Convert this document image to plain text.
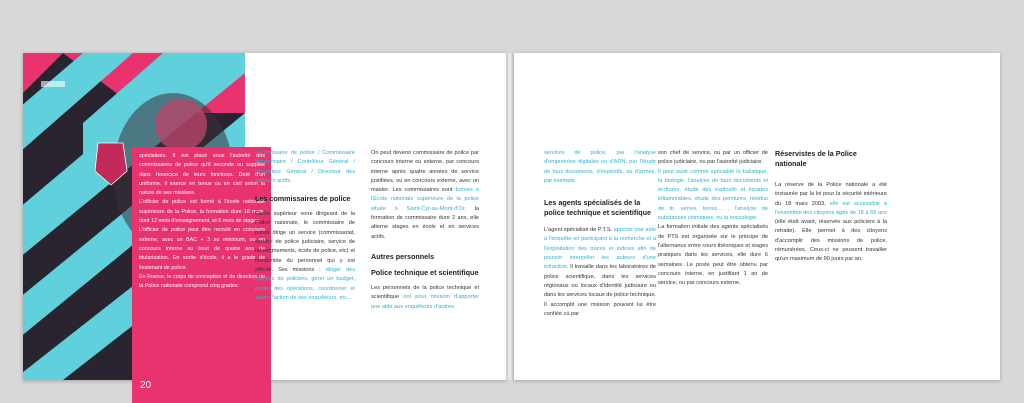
spécialisés. Il est placé sous l'autorité des commissaires de police qu'il seconde ou supplée dans l'exercice de leurs fonctions. Doté d'un uniforme, il exerce en tenue ou en civil selon la nature de ses missions.

L'officier de police est formé à l'école nationale supérieure de la Police, la formation dure 18 mois, dont 12 mois d'enseignement, et 6 mois de stages.

L'officier de police peut être recruté en concours externe, avec un BAC + 3 au minimum, ou en concours interne au bout de quatre ans de titularisation. En sortie d'école, il a le grade de lieutenant de police.

En France, le corps de conception et de direction de la Police nationale comprend cinq grades :

20

Commissaire de police / Commissaire divisionnaire / Contrôleur Général / Inspecteur Général / Directeur des services actifs.

Les commissaires de police

Cadre supérieur voire dirigeant de la Police nationale, le commissaire de police dirige un service (commissariat, service de police judiciaire, service de renseignements, école de police, etc) et l'ensemble du personnel qui y est affecté. Ses missions : diriger des équipes de policiers, gérer un budget, piloter des opérations, coordonner et suivre l'action de ses enquêteurs, etc...

On peut devenir commissaire de police par concours interne ou externe, par concours interne après quatre années de service justifiées, ou en concours externe, avec un master. Les commissaires sont formés à l'École nationale supérieure de la police située à Saint-Cyr-au-Mont-d'Or, la formation de commissaire dure 2 ans, elle alterne stages en école et en services actifs.

Autres personnels

Police technique et scientifique

Les personnels de la police technique et scientifique ont pour mission d'apporter une aide aux enquêteurs d'autres

services de police, par l'analyse d'empreintes digitales ou d'ADN, par l'étude de faux documents, d'explosifs, ou d'armes, par exemple.

Les agents spécialisés de la police technique et scientifique

L'agent spécialisé de P.T.S. apporte une aide à l'enquête en participant à la recherche et à l'exploitation des traces et indices afin de pouvoir interpeller les auteurs d'une infraction. Il travaille dans les laboratoires de police scientifique, dans les services régionaux ou locaux d'identité judiciaire ou dans les services locaux de police technique. Il accomplit une mission pouvant lui être confiée cù par

son chef de service, ou par un officier de police judiciaire, ou par l'autorité judiciaire.

Il peut avoir comme spécialité la balistique, la biologie, l'analyse de faux documents et écritures, étude des explosifs et liquides inflammables, étude des peintures, résidus de tir, verres, terres… , l'analyse de substances chimiques, ou la toxicologie.

La formation initiale des agents spécialisés de PTS est organisée sur le principe de l'alternance entre cours théoriques et stages pratiques dans les services, elle dure 6 semaines. Le poste peut être obtenu par concours interne, en justifiant 1 an de service, ou par concours externe.

Réservistes de la Police nationale

La réserve de la Police nationale a été instaurée par la loi pour la sécurité intérieure du 18 mars 2003, elle est accessible à l'ensemble des citoyens âgés de 18 à 65 ans (elle était avant, réservée aux policiers à la retraite). Elle permet à des citoyens d'accomplir des missions de police, rémunérées. Ceux-ci ne peuvent travailler qu'un maximum de 90 jours par an.
